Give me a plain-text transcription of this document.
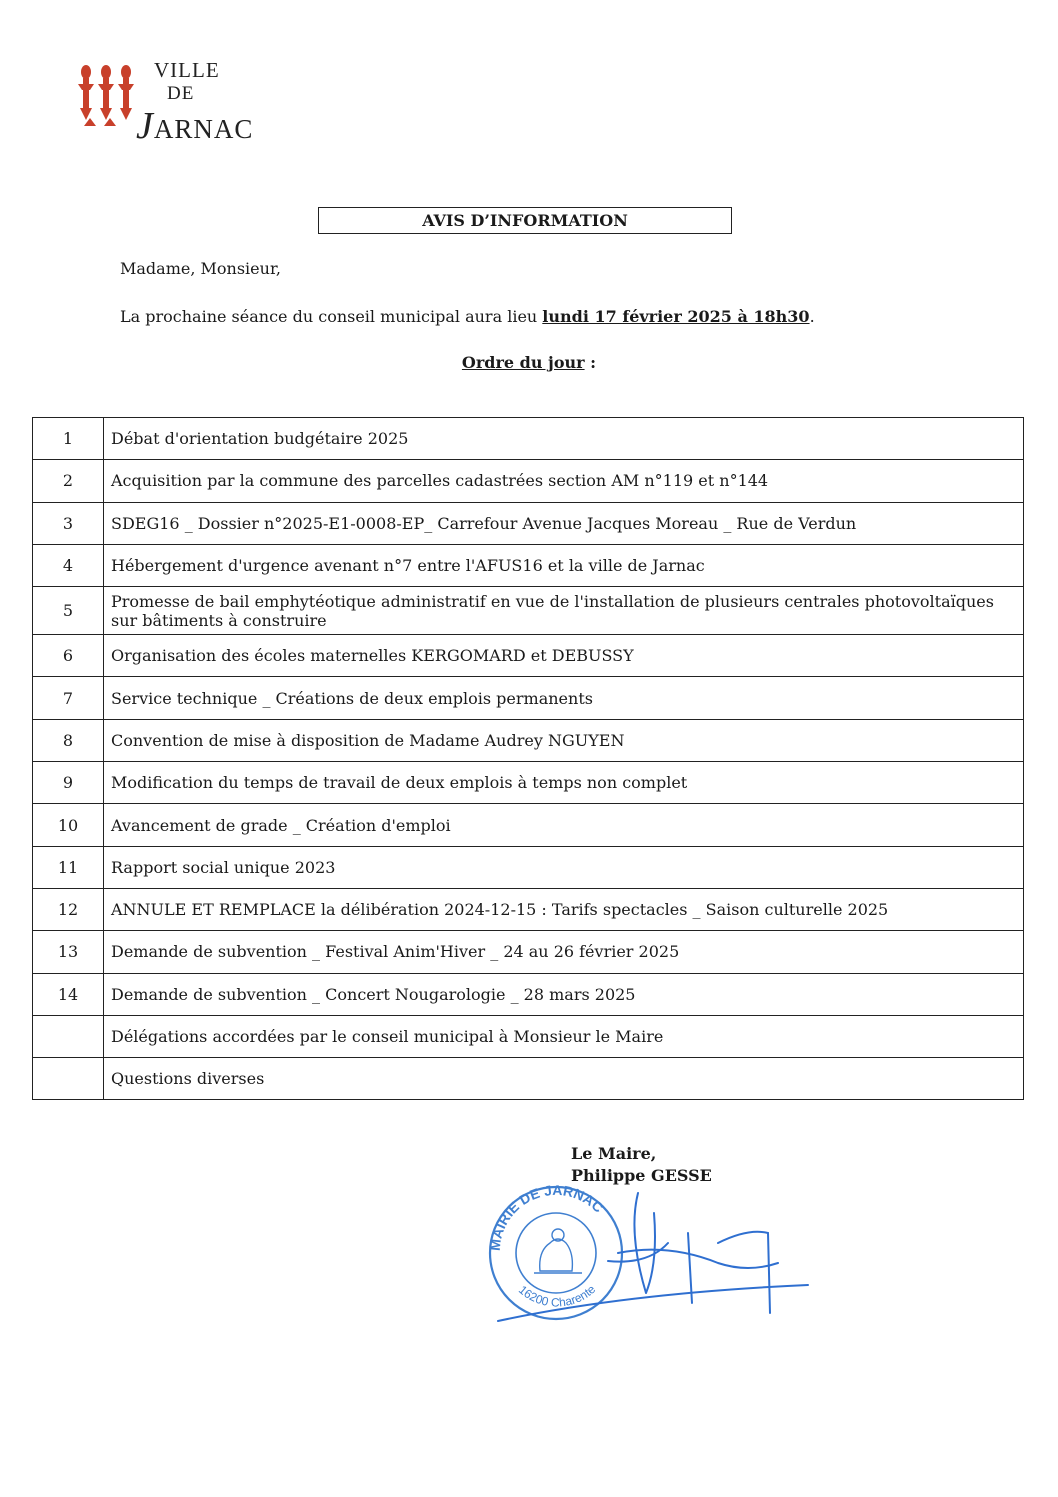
VILLE
DE
JARNAC
AVIS D’INFORMATION
Madame, Monsieur,
La prochaine séance du conseil municipal aura lieu lundi 17 février 2025 à 18h30.
Ordre du jour :
1	Débat d'orientation budgétaire 2025
2	Acquisition par la commune des parcelles cadastrées section AM n°119 et n°144
3	SDEG16 _ Dossier n°2025-E1-0008-EP_ Carrefour Avenue Jacques Moreau _ Rue de Verdun
4	Hébergement d'urgence avenant n°7 entre l'AFUS16 et la ville de Jarnac
5	Promesse de bail emphytéotique administratif en vue de l'installation de plusieurs centrales photovoltaïques sur bâtiments à construire
6	Organisation des écoles maternelles KERGOMARD et DEBUSSY
7	Service technique _ Créations de deux emplois permanents
8	Convention de mise à disposition de Madame Audrey NGUYEN
9	Modification du temps de travail de deux emplois à temps non complet
10	Avancement de grade _ Création d'emploi
11	Rapport social unique 2023
12	ANNULE ET REMPLACE la délibération 2024-12-15 : Tarifs spectacles _ Saison culturelle 2025
13	Demande de subvention _ Festival Anim'Hiver _ 24 au 26 février 2025
14	Demande de subvention _ Concert Nougarologie _ 28 mars 2025
	Délégations accordées par le conseil municipal à Monsieur le Maire
	Questions diverses
Le Maire,
Philippe GESSE
MAIRIE DE JARNAC
16200 Charente
